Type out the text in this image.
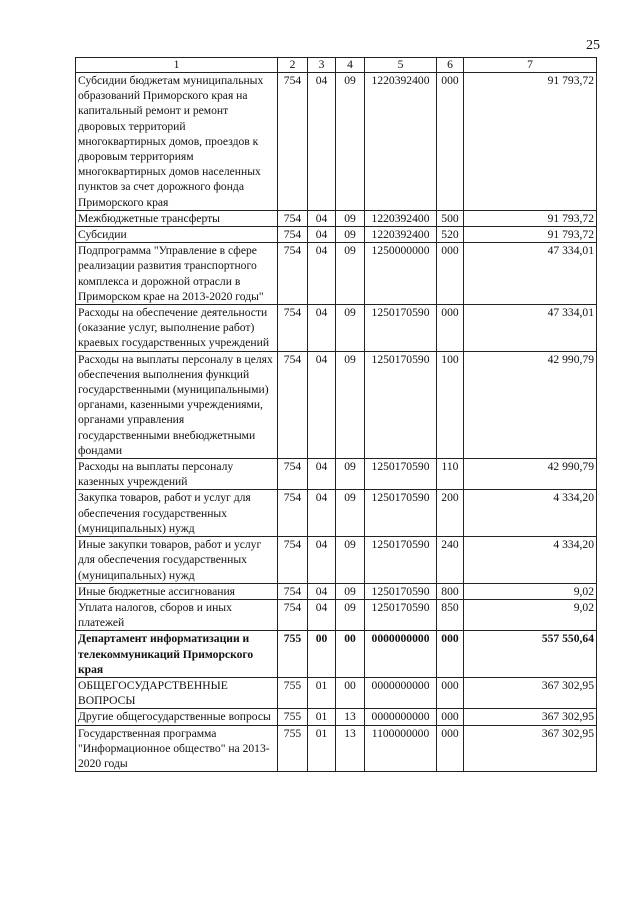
25
1	2	3	4	5	6	7
Субсидии бюджетам муниципальных образований Приморского края на капитальный ремонт и ремонт дворовых территорий многоквартирных домов, проездов к дворовым территориям многоквартирных домов населенных пунктов за счет дорожного фонда Приморского края	754	04	09	1220392400	000	91 793,72
Межбюджетные трансферты	754	04	09	1220392400	500	91 793,72
Субсидии	754	04	09	1220392400	520	91 793,72
Подпрограмма "Управление в сфере реализации развития транспортного комплекса и дорожной отрасли в Приморском крае на 2013-2020 годы"	754	04	09	1250000000	000	47 334,01
Расходы на обеспечение деятельности (оказание услуг, выполнение работ) краевых государственных учреждений	754	04	09	1250170590	000	47 334,01
Расходы на выплаты персоналу в целях обеспечения выполнения функций государственными (муниципальными) органами, казенными учреждениями, органами управления государственными внебюджетными фондами	754	04	09	1250170590	100	42 990,79
Расходы на выплаты персоналу казенных учреждений	754	04	09	1250170590	110	42 990,79
Закупка товаров, работ и услуг для обеспечения государственных (муниципальных) нужд	754	04	09	1250170590	200	4 334,20
Иные закупки товаров, работ и услуг для обеспечения государственных (муниципальных) нужд	754	04	09	1250170590	240	4 334,20
Иные бюджетные ассигнования	754	04	09	1250170590	800	9,02
Уплата налогов, сборов и иных платежей	754	04	09	1250170590	850	9,02
Департамент информатизации и телекоммуникаций Приморского края	755	00	00	0000000000	000	557 550,64
ОБЩЕГОСУДАРСТВЕННЫЕ ВОПРОСЫ	755	01	00	0000000000	000	367 302,95
Другие общегосударственные вопросы	755	01	13	0000000000	000	367 302,95
Государственная программа "Информационное общество" на 2013-2020 годы	755	01	13	1100000000	000	367 302,95
